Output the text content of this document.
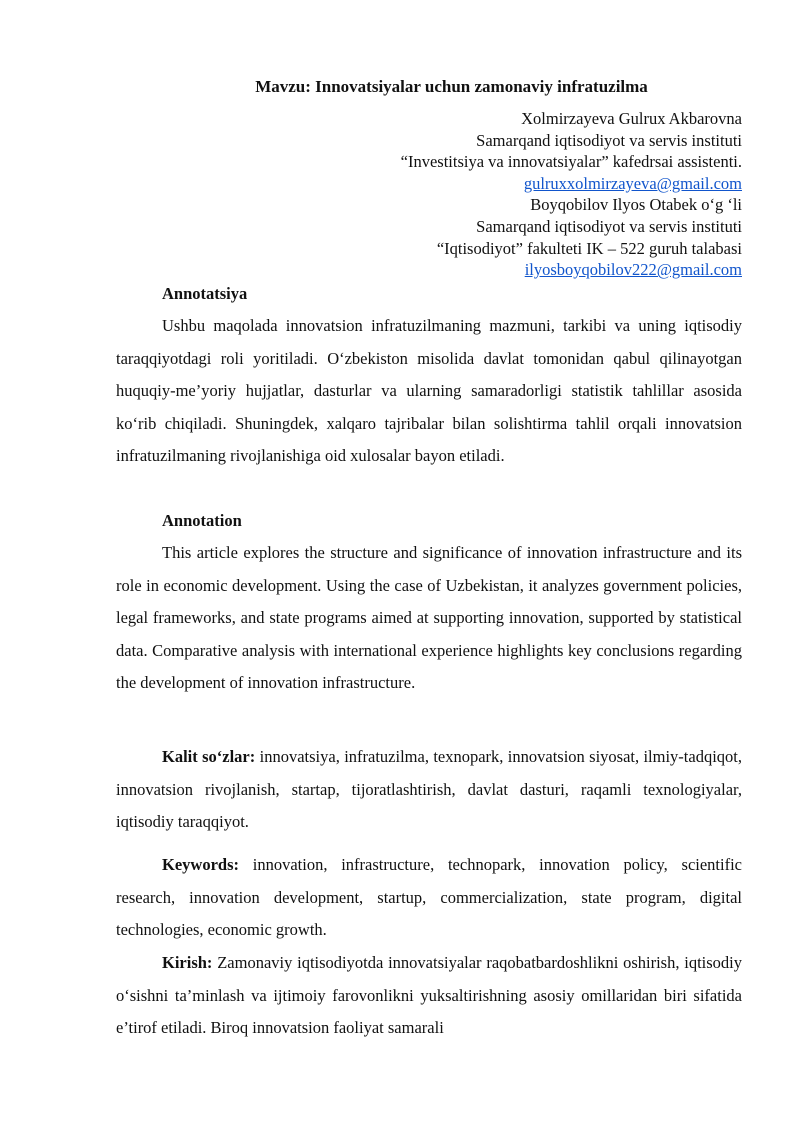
Mavzu: Innovatsiyalar uchun zamonaviy infratuzilma
Xolmirzayeva Gulrux Akbarovna
Samarqand iqtisodiyot va servis instituti
“Investitsiya va innovatsiyalar” kafedrsai assistenti.
gulruxxolmirzayeva@gmail.com
Boyqobilov Ilyos Otabek o‘g ‘li
Samarqand iqtisodiyot va servis instituti
“Iqtisodiyot” fakulteti IK – 522 guruh talabasi
ilyosboyqobilov222@gmail.com
Annotatsiya

Ushbu maqolada innovatsion infratuzilmaning mazmuni, tarkibi va uning iqtisodiy taraqqiyotdagi roli yoritiladi. O‘zbekiston misolida davlat tomonidan qabul qilinayotgan huquqiy-me’yoriy hujjatlar, dasturlar va ularning samaradorligi statistik tahlillar asosida ko‘rib chiqiladi. Shuningdek, xalqaro tajribalar bilan solishtirma tahlil orqali innovatsion infratuzilmaning rivojlanishiga oid xulosalar bayon etiladi.

Annotation

This article explores the structure and significance of innovation infrastructure and its role in economic development. Using the case of Uzbekistan, it analyzes government policies, legal frameworks, and state programs aimed at supporting innovation, supported by statistical data. Comparative analysis with international experience highlights key conclusions regarding the development of innovation infrastructure.

Kalit so‘zlar: innovatsiya, infratuzilma, texnopark, innovatsion siyosat, ilmiy-tadqiqot, innovatsion rivojlanish, startap, tijoratlashtirish, davlat dasturi, raqamli texnologiyalar, iqtisodiy taraqqiyot.

Keywords: innovation, infrastructure, technopark, innovation policy, scientific research, innovation development, startup, commercialization, state program, digital technologies, economic growth.

Kirish: Zamonaviy iqtisodiyotda innovatsiyalar raqobatbardoshlikni oshirish, iqtisodiy o‘sishni ta’minlash va ijtimoiy farovonlikni yuksaltirishning asosiy omillaridan biri sifatida e’tirof etiladi. Biroq innovatsion faoliyat samarali
